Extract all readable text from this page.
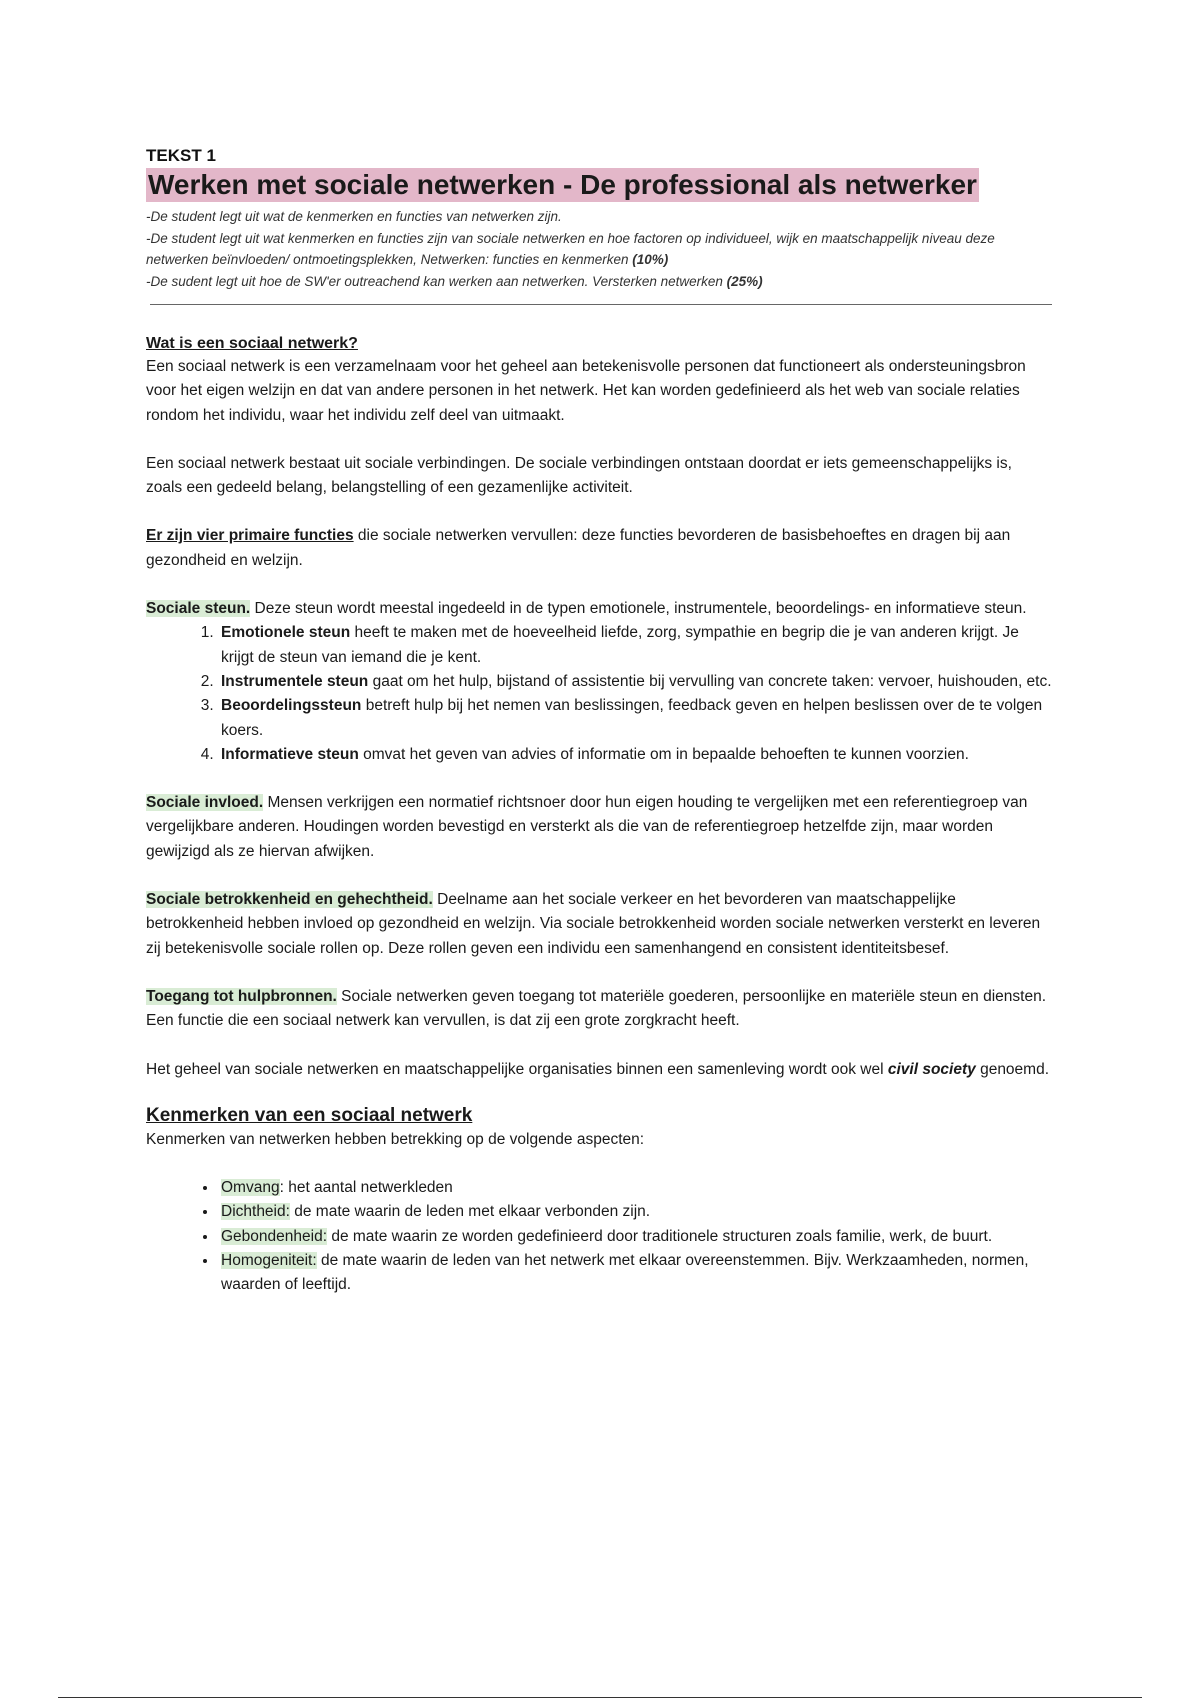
TEKST 1
Werken met sociale netwerken - De professional als netwerker
-De student legt uit wat de kenmerken en functies van netwerken zijn.
-De student legt uit wat kenmerken en functies zijn van sociale netwerken en hoe factoren op individueel, wijk en maatschappelijk niveau deze netwerken beïnvloeden/ ontmoetingsplekken, Netwerken: functies en kenmerken (10%)
-De sudent legt uit hoe de SW'er outreachend kan werken aan netwerken. Versterken netwerken (25%)
Wat is een sociaal netwerk?

Een sociaal netwerk is een verzamelnaam voor het geheel aan betekenisvolle personen dat functioneert als ondersteuningsbron voor het eigen welzijn en dat van andere personen in het netwerk. Het kan worden gedefinieerd als het web van sociale relaties rondom het individu, waar het individu zelf deel van uitmaakt.

Een sociaal netwerk bestaat uit sociale verbindingen. De sociale verbindingen ontstaan doordat er iets gemeenschappelijks is, zoals een gedeeld belang, belangstelling of een gezamenlijke activiteit.

Er zijn vier primaire functies die sociale netwerken vervullen: deze functies bevorderen de basisbehoeftes en dragen bij aan gezondheid en welzijn.

Sociale steun. Deze steun wordt meestal ingedeeld in de typen emotionele, instrumentele, beoordelings- en informatieve steun.

1. Emotionele steun heeft te maken met de hoeveelheid liefde, zorg, sympathie en begrip die je van anderen krijgt. Je krijgt de steun van iemand die je kent.
2. Instrumentele steun gaat om het hulp, bijstand of assistentie bij vervulling van concrete taken: vervoer, huishouden, etc.
3. Beoordelingssteun betreft hulp bij het nemen van beslissingen, feedback geven en helpen beslissen over de te volgen koers.
4. Informatieve steun omvat het geven van advies of informatie om in bepaalde behoeften te kunnen voorzien.

Sociale invloed. Mensen verkrijgen een normatief richtsnoer door hun eigen houding te vergelijken met een referentiegroep van vergelijkbare anderen. Houdingen worden bevestigd en versterkt als die van de referentiegroep hetzelfde zijn, maar worden gewijzigd als ze hiervan afwijken.

Sociale betrokkenheid en gehechtheid. Deelname aan het sociale verkeer en het bevorderen van maatschappelijke betrokkenheid hebben invloed op gezondheid en welzijn. Via sociale betrokkenheid worden sociale netwerken versterkt en leveren zij betekenisvolle sociale rollen op. Deze rollen geven een individu een samenhangend en consistent identiteitsbesef.

Toegang tot hulpbronnen. Sociale netwerken geven toegang tot materiële goederen, persoonlijke en materiële steun en diensten. Een functie die een sociaal netwerk kan vervullen, is dat zij een grote zorgkracht heeft.

Het geheel van sociale netwerken en maatschappelijke organisaties binnen een samenleving wordt ook wel civil society genoemd.

Kenmerken van een sociaal netwerk

Kenmerken van netwerken hebben betrekking op de volgende aspecten:

• Omvang: het aantal netwerkleden
• Dichtheid: de mate waarin de leden met elkaar verbonden zijn.
• Gebondenheid: de mate waarin ze worden gedefinieerd door traditionele structuren zoals familie, werk, de buurt.
• Homogeniteit: de mate waarin de leden van het netwerk met elkaar overeenstemmen. Bijv. Werkzaamheden, normen, waarden of leeftijd.
